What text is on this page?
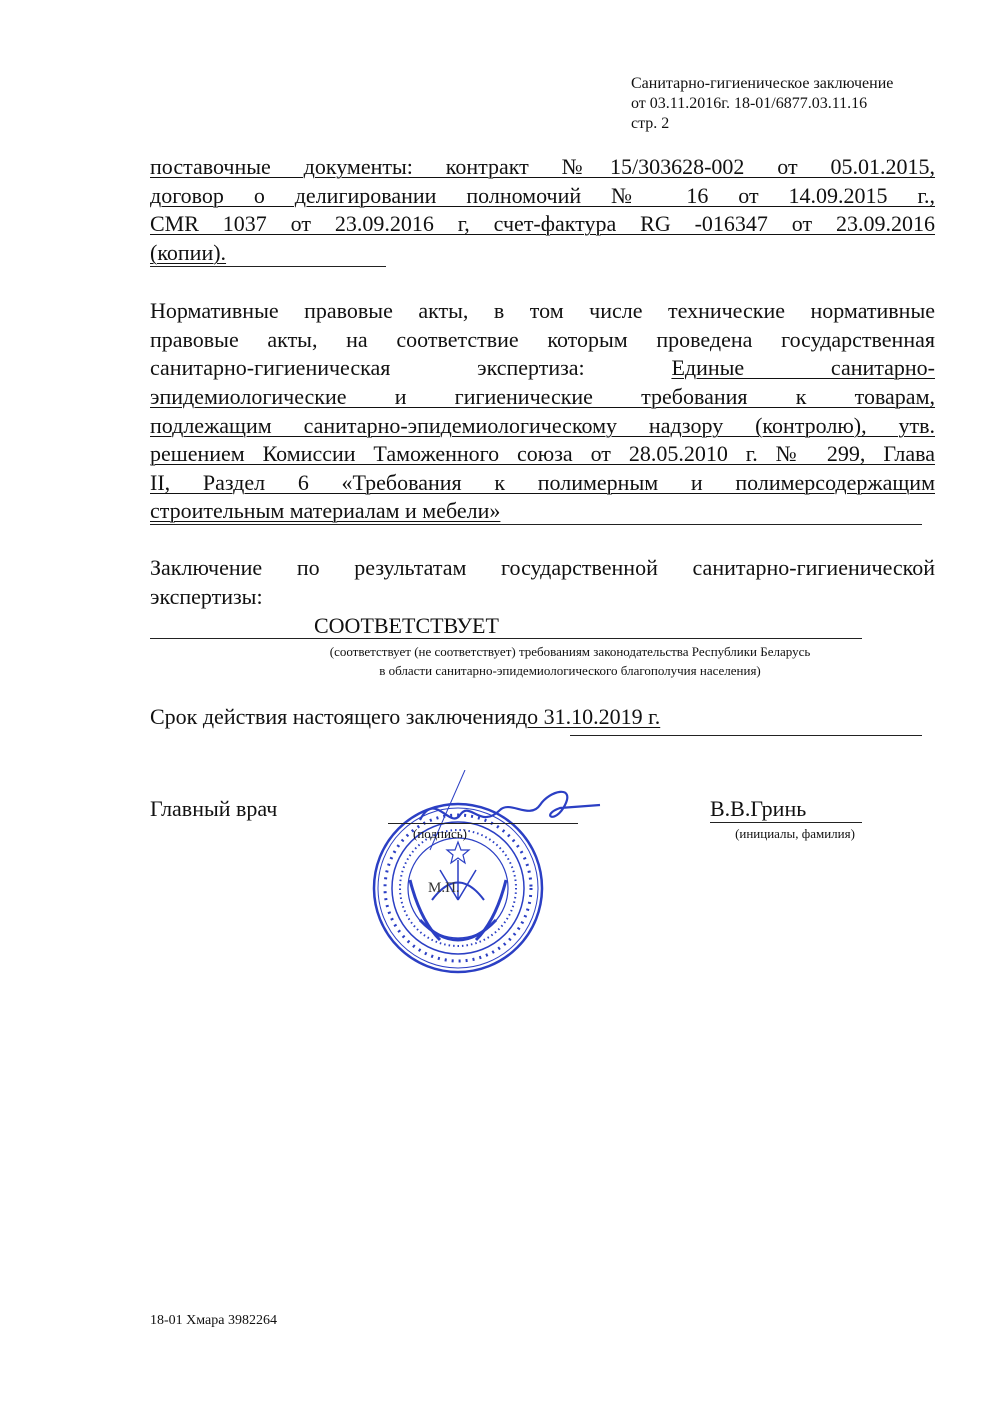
Санитарно-гигиеническое заключение
от 03.11.2016г. 18-01/6877.03.11.16
стр. 2
поставочные документы: контракт №15/303628-002 от 05.01.2015,
договор о делигировании полномочий № 16 от 14.09.2015 г.,
CMR 1037 от 23.09.2016 г, счет-фактура RG -016347 от 23.09.2016
(копии).
Нормативные правовые акты, в том числе технические нормативные
правовые акты, на соответствие которым проведена государственная
санитарно-гигиеническая экспертиза:	Единые санитарно-
эпидемиологические и гигиенические требования к товарам,
подлежащим санитарно-эпидемиологическому надзору (контролю), утв.
решением Комиссии Таможенного союза от 28.05.2010 г. № 299, Глава
II, Раздел 6 «Требования к полимерным и полимерсодержащим
строительным материалам и мебели»
Заключение по результатам государственной санитарно-гигиенической
экспертизы:
СООТВЕТСТВУЕТ
(соответствует (не соответствует) требованиям законодательства Республики Беларусь
в области санитарно-эпидемиологического благополучия населения)
Срок действия настоящего заключениядо 31.10.2019 г.
Главный врач
(подпись)
В.В.Гринь
(инициалы, фамилия)
М.П.
18-01 Хмара 3982264
